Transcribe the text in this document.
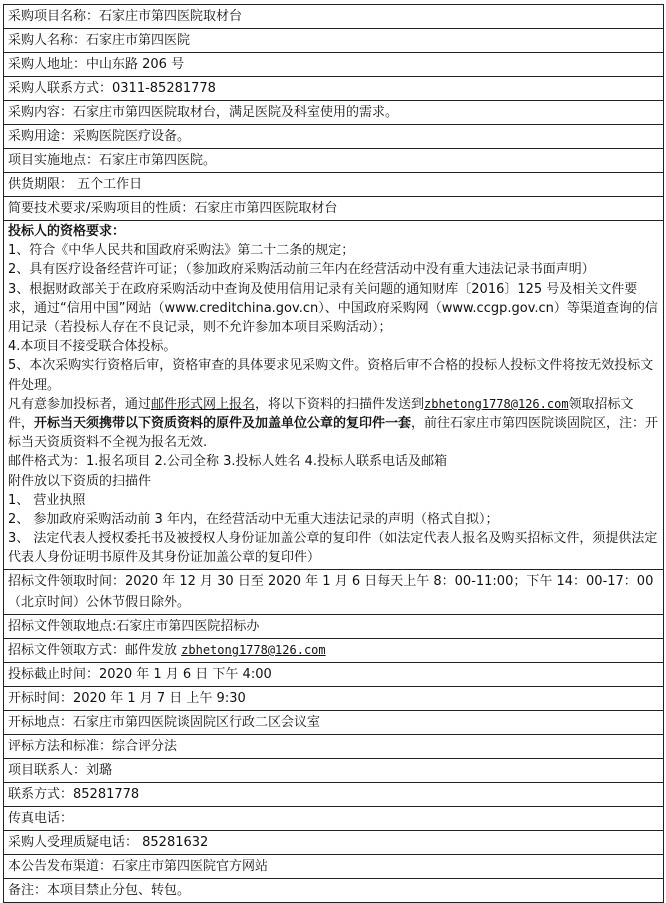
采购项目名称：石家庄市第四医院取材台
采购人名称：石家庄市第四医院
采购人地址：中山东路 206 号
采购人联系方式：0311-85281778
采购内容：石家庄市第四医院取材台，满足医院及科室使用的需求。
采购用途：采购医院医疗设备。
项目实施地点：石家庄市第四医院。
供货期限： 五个工作日
简要技术要求/采购项目的性质：石家庄市第四医院取材台

投标人的资格要求：
1、符合《中华人民共和国政府采购法》第二十二条的规定；
2、具有医疗设备经营许可证；（参加政府采购活动前三年内在经营活动中没有重大违法记录书面声明）
3、根据财政部关于在政府采购活动中查询及使用信用记录有关问题的通知财库〔2016〕125 号及相关文件要求，通过“信用中国”网站（www.creditchina.gov.cn）、中国政府采购网（www.ccgp.gov.cn）等渠道查询的信用记录（若投标人存在不良记录，则不允许参加本项目采购活动）；
4.本项目不接受联合体投标。
5、本次采购实行资格后审，资格审查的具体要求见采购文件。资格后审不合格的投标人投标文件将按无效投标文件处理。
凡有意参加投标者，通过邮件形式网上报名，将以下资料的扫描件发送到zbhetong1778@126.com领取招标文件，开标当天须携带以下资质资料的原件及加盖单位公章的复印件一套，前往石家庄市第四医院谈固院区，注：开标当天资质资料不全视为报名无效.
邮件格式为：1.报名项目 2.公司全称 3.投标人姓名 4.投标人联系电话及邮箱
附件放以下资质的扫描件
1、 营业执照
2、 参加政府采购活动前 3 年内，在经营活动中无重大违法记录的声明（格式自拟）；
3、 法定代表人授权委托书及被授权人身份证加盖公章的复印件（如法定代表人报名及购买招标文件，须提供法定代表人身份证明书原件及其身份证加盖公章的复印件）

招标文件领取时间：2020 年 12 月 30 日至 2020 年 1 月 6 日每天上午 8：00-11:00；下午 14：00-17：00（北京时间）公休节假日除外。
招标文件领取地点:石家庄市第四医院招标办
招标文件领取方式：邮件发放 zbhetong1778@126.com
投标截止时间：2020 年 1 月 6 日 下午 4:00
开标时间：2020 年 1 月 7 日 上午 9:30
开标地点：石家庄市第四医院谈固院区行政二区会议室
评标方法和标准：综合评分法
项目联系人：刘璐
联系方式：85281778
传真电话：
采购人受理质疑电话： 85281632
本公告发布渠道：石家庄市第四医院官方网站
备注：本项目禁止分包、转包。
